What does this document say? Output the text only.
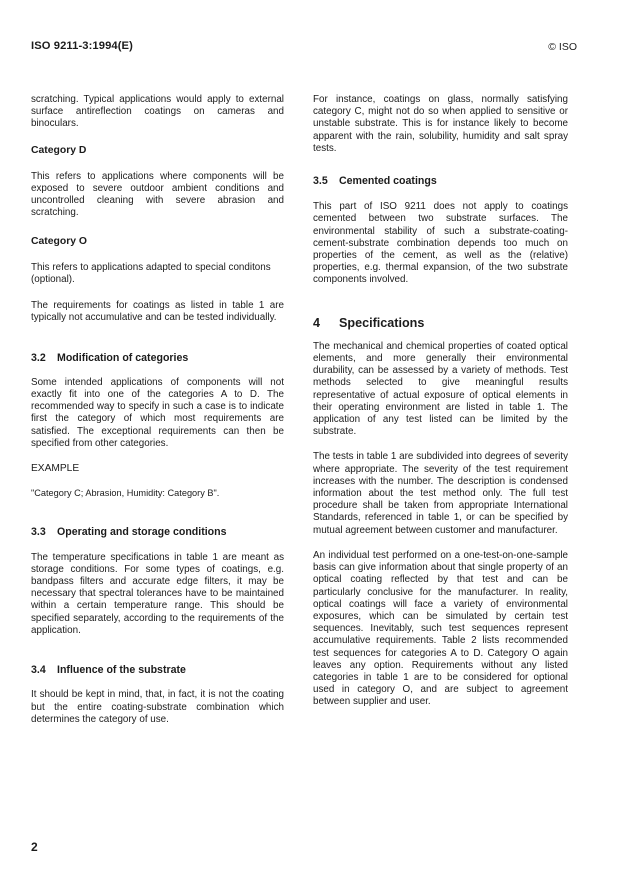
ISO 9211-3:1994(E)	© ISO

scratching. Typical applications would apply to external surface antireflection coatings on cameras and binoculars.

Category D

This refers to applications where components will be exposed to severe outdoor ambient conditions and uncontrolled cleaning with severe abrasion and scratching.

Category O

This refers to applications adapted to special conditons (optional).

The requirements for coatings as listed in table 1 are typically not accumulative and can be tested individually.

3.2 Modification of categories

Some intended applications of components will not exactly fit into one of the categories A to D. The recommended way to specify in such a case is to indicate first the category of which most requirements are satisfied. The exceptional requirements can then be specified from other categories.

EXAMPLE
"Category C; Abrasion, Humidity: Category B".
3.3 Operating and storage conditions

The temperature specifications in table 1 are meant as storage conditions. For some types of coatings, e.g. bandpass filters and accurate edge filters, it may be necessary that spectral tolerances have to be maintained within a certain temperature range. This should be specified separately, according to the requirements of the application.

3.4 Influence of the substrate

It should be kept in mind, that, in fact, it is not the coating but the entire coating-substrate combination which determines the category of use.

For instance, coatings on glass, normally satisfying category C, might not do so when applied to sensitive or unstable substrate. This is for instance likely to become apparent with the rain, solubility, humidity and salt spray tests.

3.5 Cemented coatings

This part of ISO 9211 does not apply to coatings cemented between two substrate surfaces. The environmental stability of such a substrate-coating-cement-substrate combination depends too much on properties of the cement, as well as the (relative) properties, e.g. thermal expansion, of the two substrate components involved.

4 Specifications

The mechanical and chemical properties of coated optical elements, and more generally their environmental durability, can be assessed by a variety of methods. Test methods selected to give meaningful results representative of actual exposure of optical elements in their operating environment are listed in table 1. The application of any test listed can be limited by the substrate.

The tests in table 1 are subdivided into degrees of severity where appropriate. The severity of the test requirement increases with the number. The description is condensed information about the test method only. The full test procedure shall be taken from appropriate International Standards, referenced in table 1, or can be specified by mutual agreement between customer and manufacturer.

An individual test performed on a one-test-on-one-sample basis can give information about that single property of an optical coating reflected by that test and can be particularly conclusive for the manufacturer. In reality, optical coatings will face a variety of environmental exposures, which can be simulated by certain test sequences. Inevitably, such test sequences represent accumulative requirements. Table 2 lists recommended test sequences for categories A to D. Category O again leaves any option. Requirements without any listed categories in table 1 are to be considered for optional used in category O, and are subject to agreement between supplier and user.

2
